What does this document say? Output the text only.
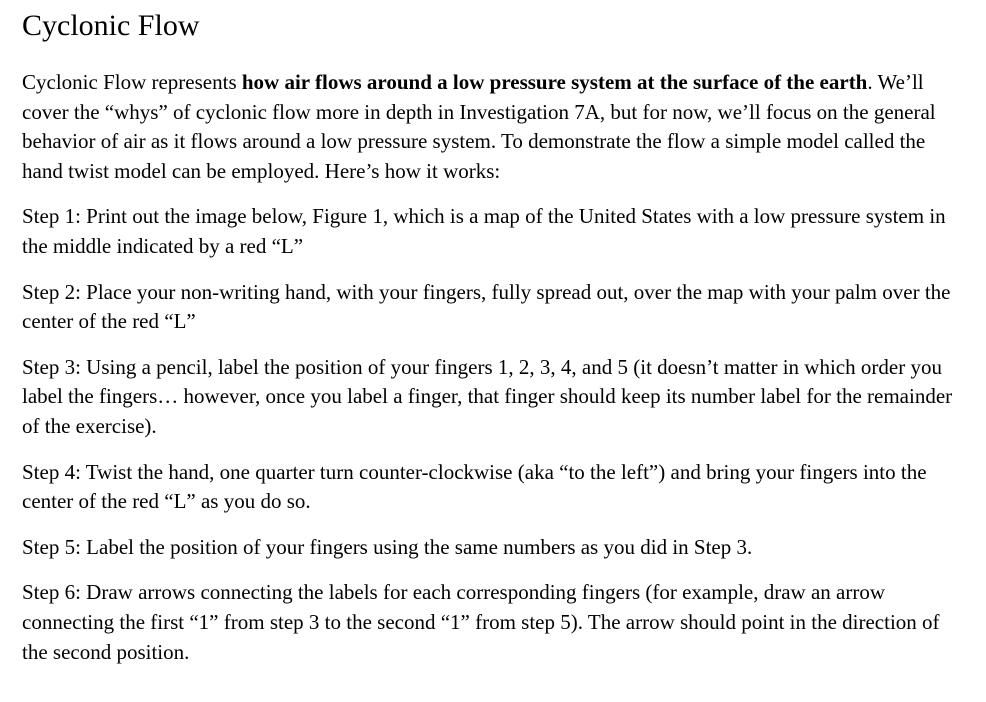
Cyclonic Flow

Cyclonic Flow represents how air flows around a low pressure system at the surface of the earth. We’ll cover the “whys” of cyclonic flow more in depth in Investigation 7A, but for now, we’ll focus on the general behavior of air as it flows around a low pressure system. To demonstrate the flow a simple model called the hand twist model can be employed. Here’s how it works:

Step 1: Print out the image below, Figure 1, which is a map of the United States with a low pressure system in the middle indicated by a red “L”

Step 2: Place your non-writing hand, with your fingers, fully spread out, over the map with your palm over the center of the red “L”

Step 3: Using a pencil, label the position of your fingers 1, 2, 3, 4, and 5 (it doesn’t matter in which order you label the fingers… however, once you label a finger, that finger should keep its number label for the remainder of the exercise).

Step 4: Twist the hand, one quarter turn counter-clockwise (aka “to the left”) and bring your fingers into the center of the red “L” as you do so.

Step 5: Label the position of your fingers using the same numbers as you did in Step 3.

Step 6: Draw arrows connecting the labels for each corresponding fingers (for example, draw an arrow connecting the first “1” from step 3 to the second “1” from step 5). The arrow should point in the direction of the second position.
